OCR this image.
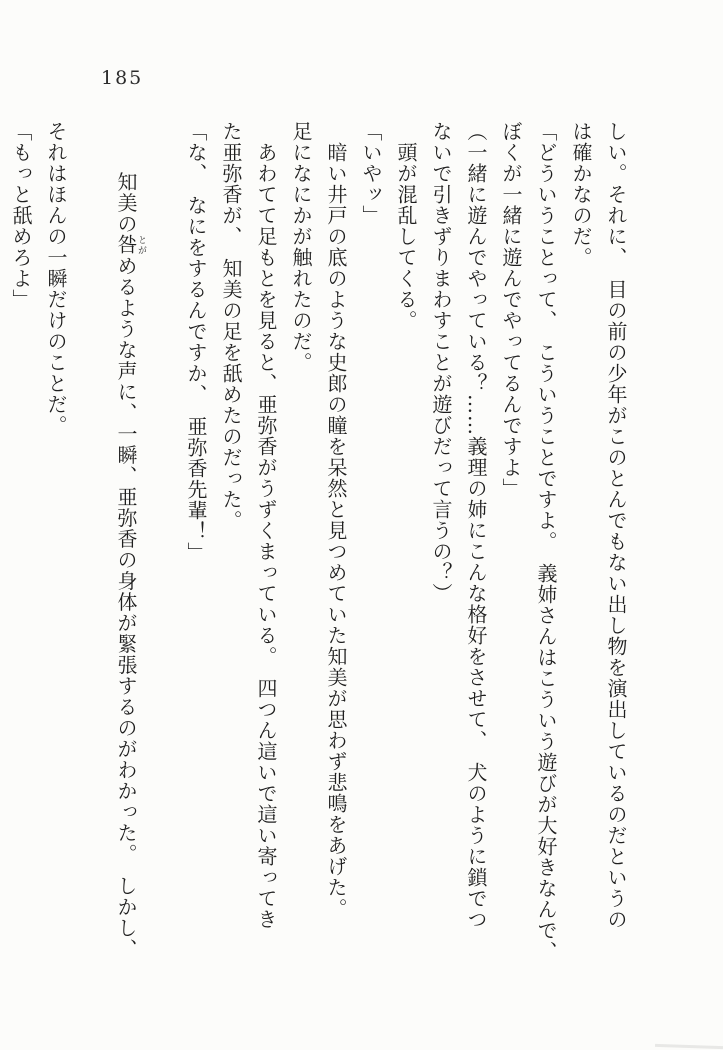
185
しい。それに、　目の前の少年がこのとんでもない出し物を演出しているのだというの
は確かなのだ。
「どういうことって、　こういうことですよ。　義姉さんはこういう遊びが大好きなんで、
ぼくが一緒に遊んでやってるんですよ」
（一緒に遊んでやっている？……義理の姉にこんな格好をさせて、　犬のように鎖でつ
ないで引きずりまわすことが遊びだって言うの？）
　頭が混乱してくる。
「いやッ」
　暗い井戸の底のような史郎の瞳を呆然と見つめていた知美が思わず悲鳴をあげた。
足になにかが触れたのだ。
　あわてて足もとを見ると、亜弥香がうずくまっている。　四つん這いで這い寄ってき
た亜弥香が、　知美の足を舐めたのだった。
「な、　なにをするんですか、　亜弥香先輩！」

　知美の咎とがめるような声に、一瞬、亜弥香の身体が緊張するのがわかった。　しかし、

それはほんの一瞬だけのことだ。
「もっと舐めろよ」
